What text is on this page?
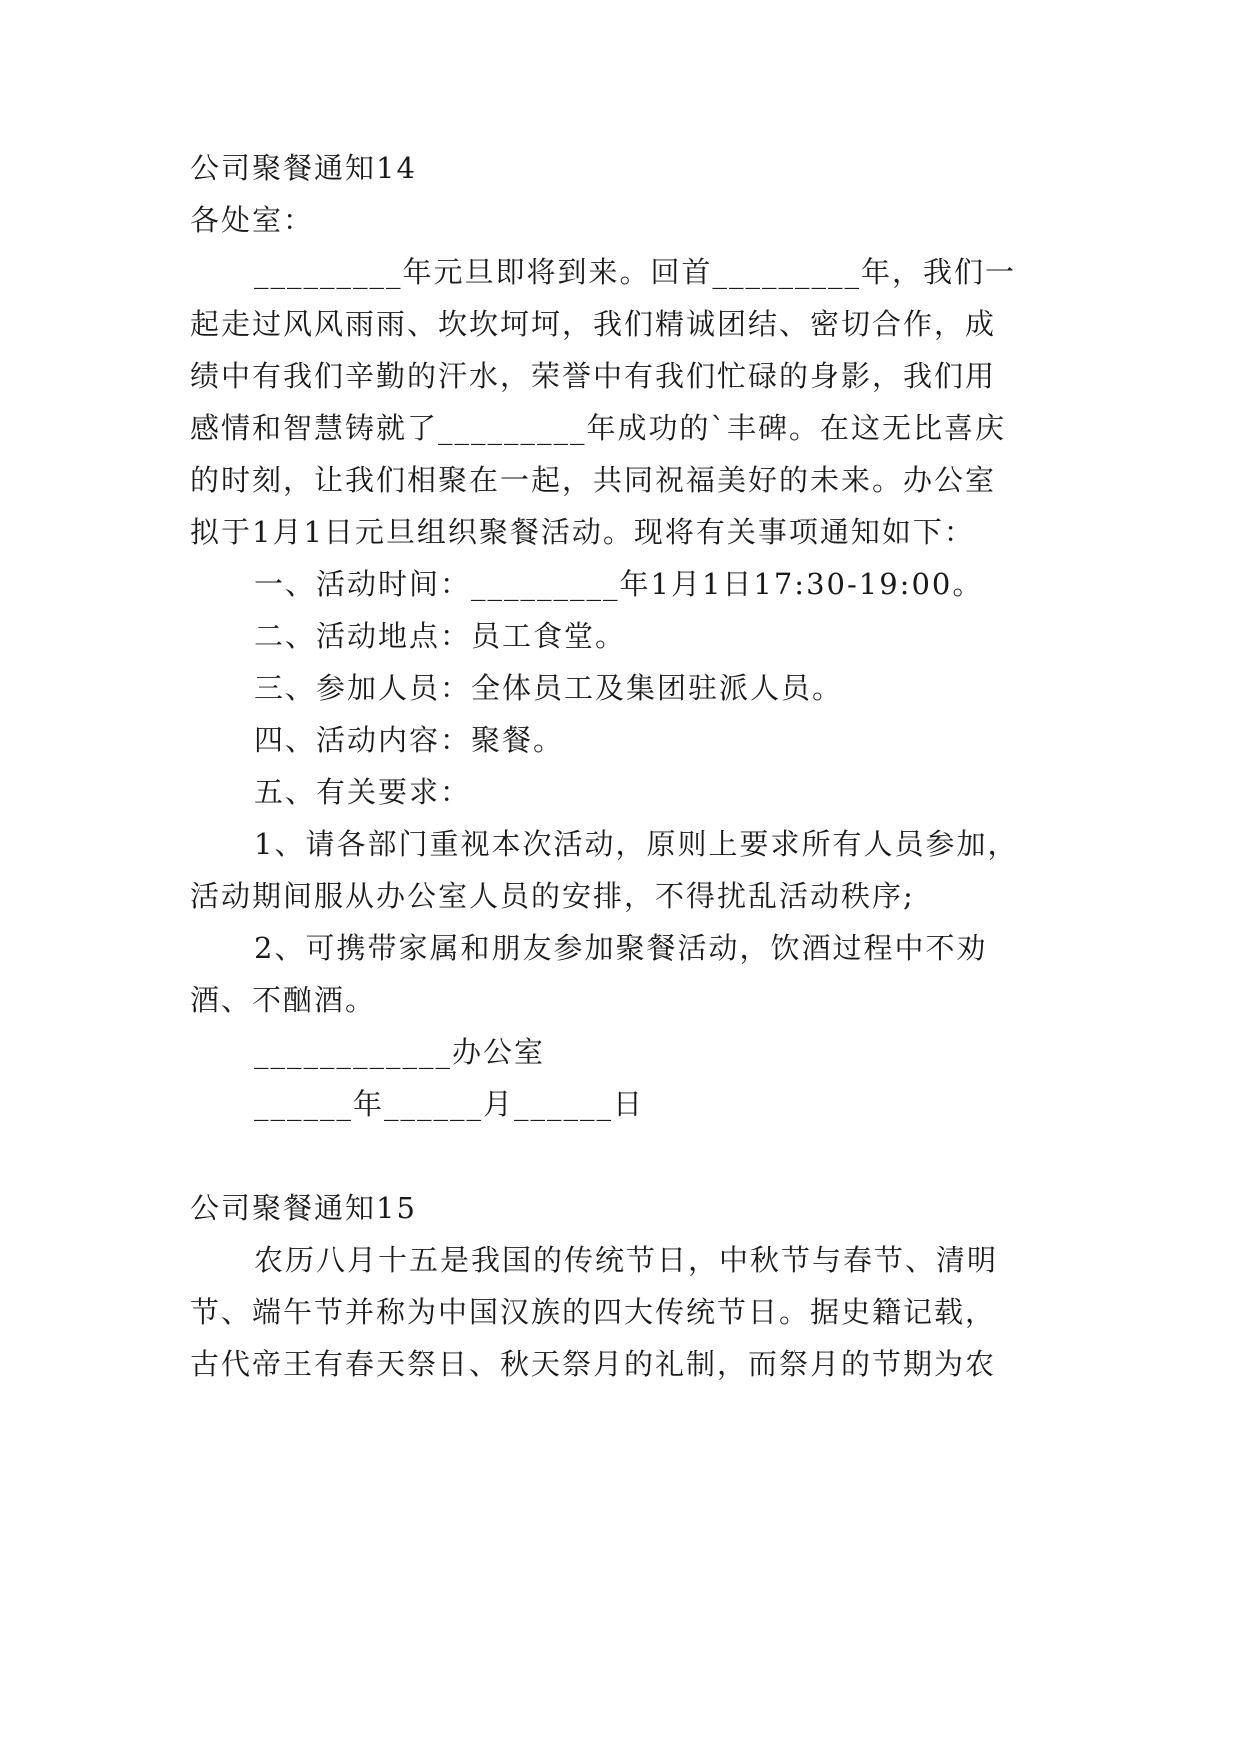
公司聚餐通知14
各处室：
_________年元旦即将到来。回首_________年，我们一
起走过风风雨雨、坎坎坷坷，我们精诚团结、密切合作，成
绩中有我们辛勤的汗水，荣誉中有我们忙碌的身影，我们用
感情和智慧铸就了_________年成功的`丰碑。在这无比喜庆
的时刻，让我们相聚在一起，共同祝福美好的未来。办公室
拟于1月1日元旦组织聚餐活动。现将有关事项通知如下：
一、活动时间：_________年1月1日17:30-19:00。
二、活动地点：员工食堂。
三、参加人员：全体员工及集团驻派人员。
四、活动内容：聚餐。
五、有关要求：
1、请各部门重视本次活动，原则上要求所有人员参加，
活动期间服从办公室人员的安排，不得扰乱活动秩序;
2、可携带家属和朋友参加聚餐活动，饮酒过程中不劝
酒、不酗酒。
____________办公室
______年______月______日
公司聚餐通知15
农历八月十五是我国的传统节日，中秋节与春节、清明
节、端午节并称为中国汉族的四大传统节日。据史籍记载，
古代帝王有春天祭日、秋天祭月的礼制，而祭月的节期为农
